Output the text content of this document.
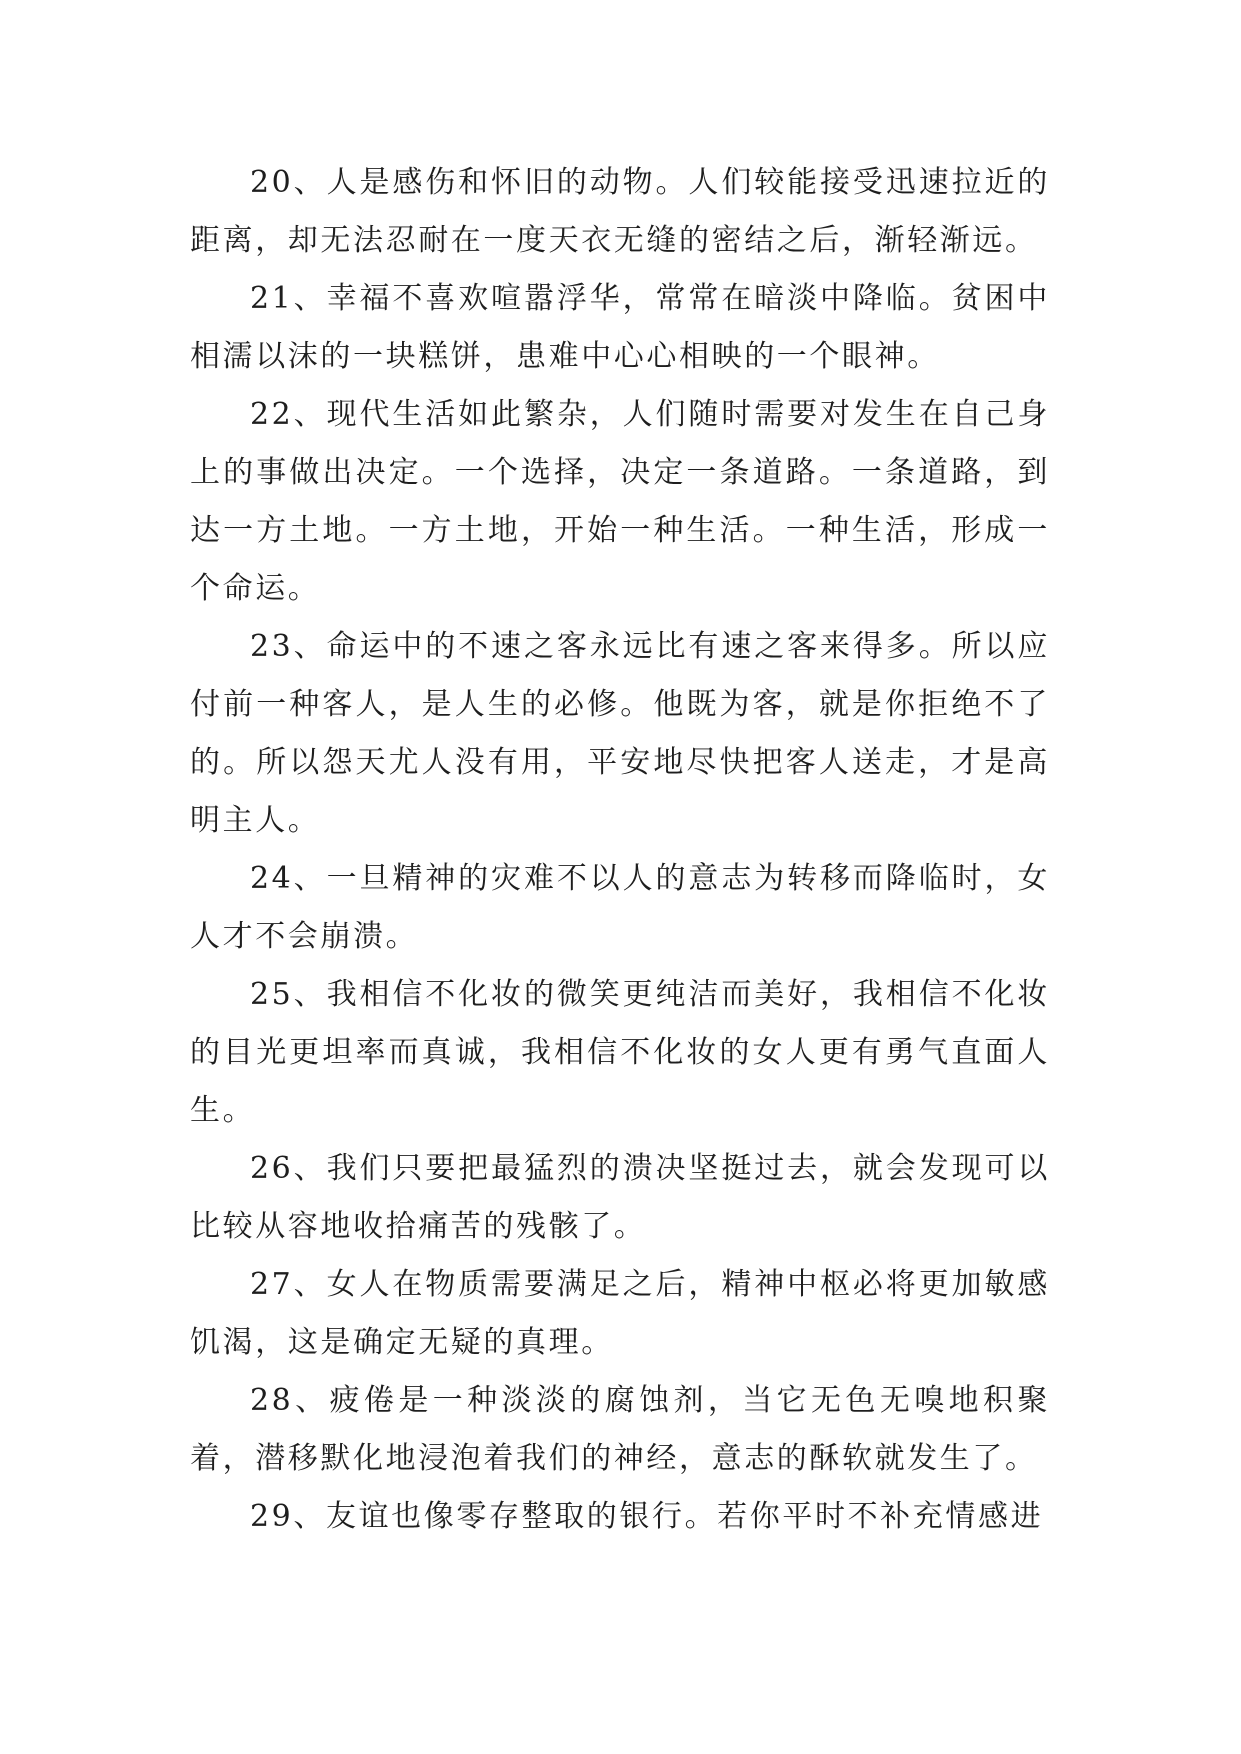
20、人是感伤和怀旧的动物。人们较能接受迅速拉近的距离，却无法忍耐在一度天衣无缝的密结之后，渐轻渐远。

21、幸福不喜欢喧嚣浮华，常常在暗淡中降临。贫困中相濡以沫的一块糕饼，患难中心心相映的一个眼神。

22、现代生活如此繁杂，人们随时需要对发生在自己身上的事做出决定。一个选择，决定一条道路。一条道路，到达一方土地。一方土地，开始一种生活。一种生活，形成一个命运。

23、命运中的不速之客永远比有速之客来得多。所以应付前一种客人，是人生的必修。他既为客，就是你拒绝不了的。所以怨天尤人没有用，平安地尽快把客人送走，才是高明主人。

24、一旦精神的灾难不以人的意志为转移而降临时，女人才不会崩溃。

25、我相信不化妆的微笑更纯洁而美好，我相信不化妆的目光更坦率而真诚，我相信不化妆的女人更有勇气直面人生。

26、我们只要把最猛烈的溃决坚挺过去，就会发现可以比较从容地收拾痛苦的残骸了。

27、女人在物质需要满足之后，精神中枢必将更加敏感饥渴，这是确定无疑的真理。

28、疲倦是一种淡淡的腐蚀剂，当它无色无嗅地积聚着，潜移默化地浸泡着我们的神经，意志的酥软就发生了。

29、友谊也像零存整取的银行。若你平时不补充情感进
